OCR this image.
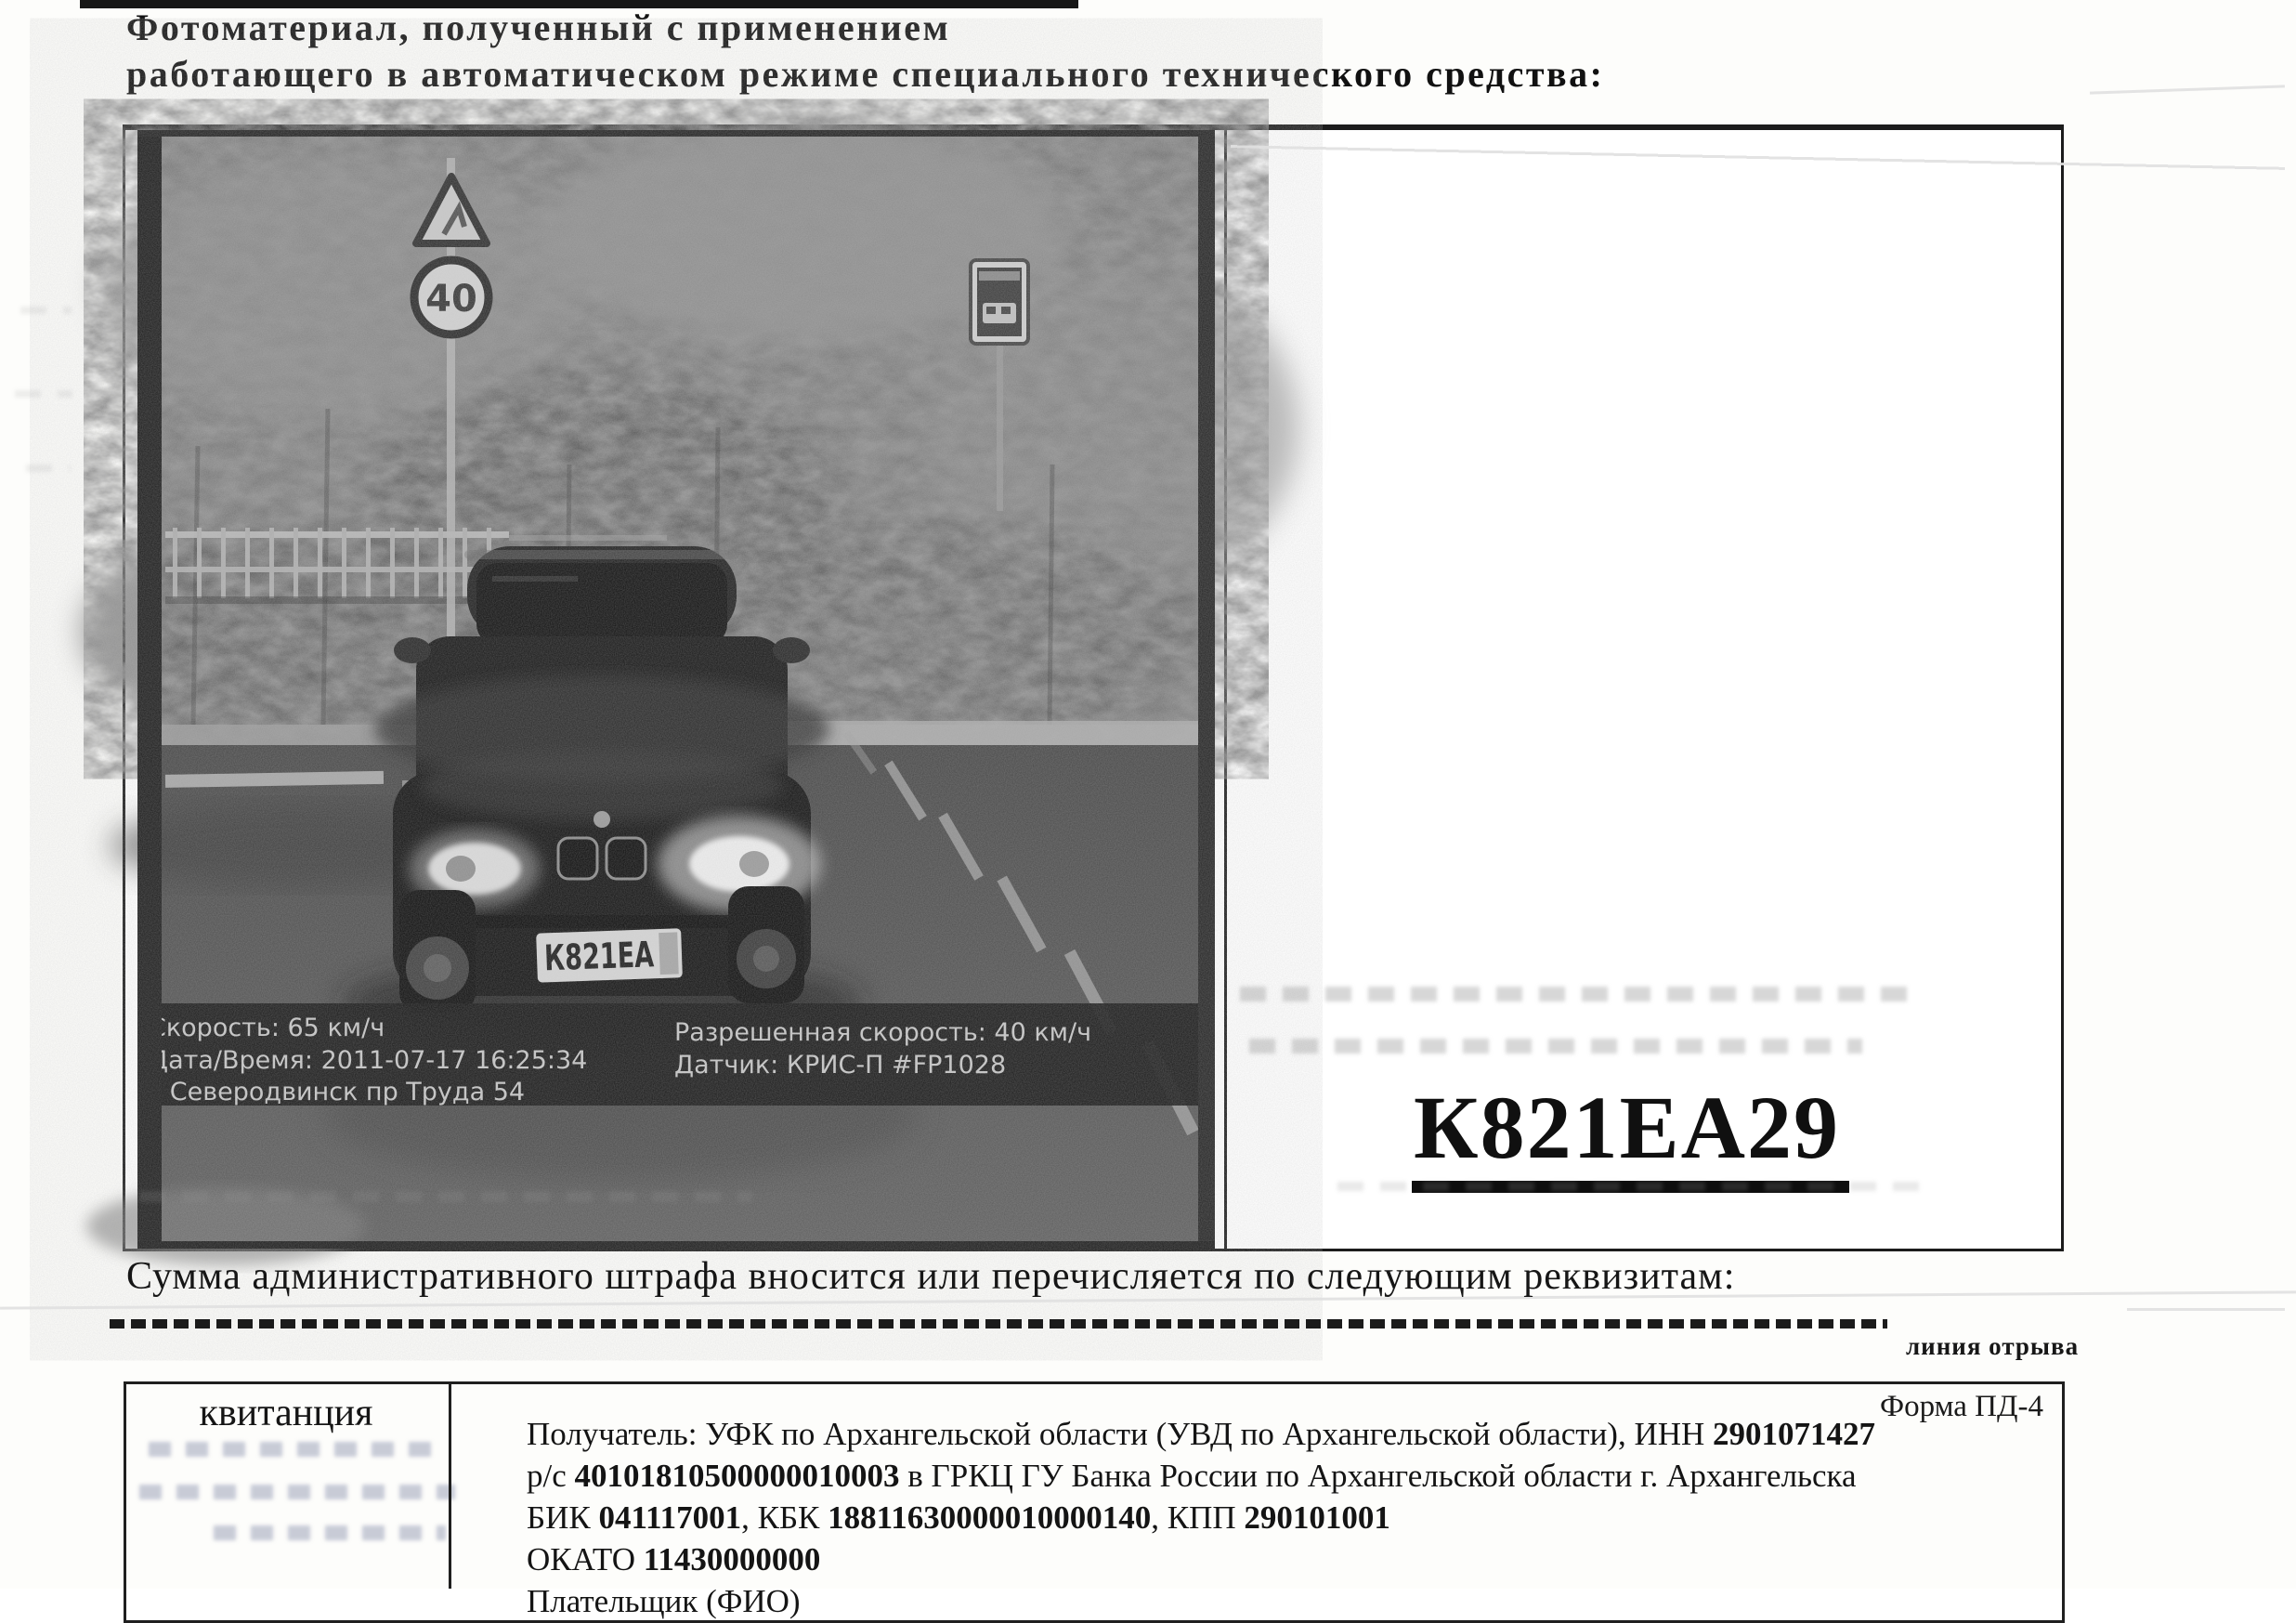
Фотоматериал, полученный с применением
работающего в автоматическом режиме специального технического средства:
К821ЕА29
Сумма административного штрафа вносится или перечисляется по следующим реквизитам:
линия отрыва
квитанция	Форма ПД-4
Получатель: УФК по Архангельской области (УВД по Архангельской области), ИНН 2901071427
р/с 40101810500000010003 в ГРКЦ ГУ Банка России по Архангельской области г. Архангельска
БИК 041117001, КБК 18811630000010000140, КПП 290101001
ОКАТО 11430000000
Плательщик (ФИО)
